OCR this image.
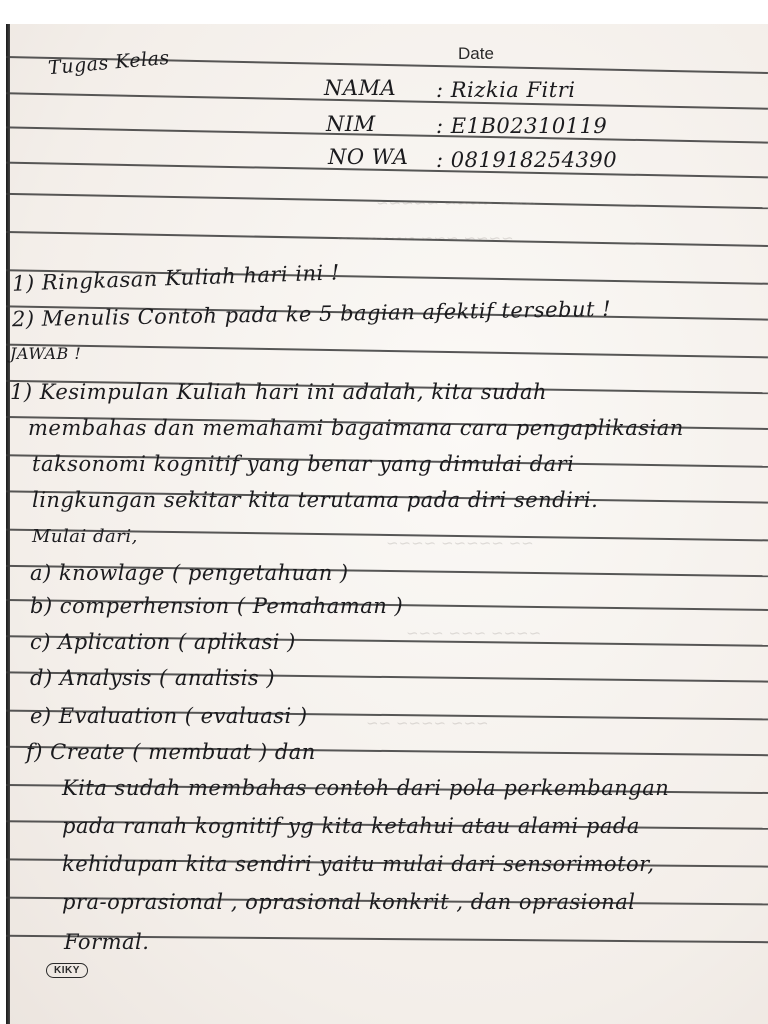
~~~ ~~~~ ~~~~~
~~~~ ~~~ ~~~~ ~~
~~ ~~~~~ ~~~~
~~~~ ~~~ ~~~
~~~ ~~~~ ~~
Date
Tugas Kelas
NAMA : Rizkia Fitri
NIM	: E1B02310119
NO WA : 081918254390
1) Ringkasan Kuliah hari ini !
2) Menulis Contoh pada ke 5 bagian afektif tersebut !
JAWAB !
1) Kesimpulan Kuliah hari ini adalah, kita sudah
membahas dan memahami bagaimana cara pengaplikasian
taksonomi kognitif yang benar yang dimulai dari
lingkungan sekitar kita terutama pada diri sendiri.
Mulai dari,
a) knowlage ( pengetahuan )
b) comperhension ( Pemahaman )
c) Aplication ( aplikasi )
d) Analysis ( analisis )
e) Evaluation ( evaluasi )
f) Create ( membuat ) dan
Kita sudah membahas contoh dari pola perkembangan
pada ranah kognitif yg kita ketahui atau alami pada
kehidupan kita sendiri yaitu mulai dari sensorimotor,
pra-oprasional , oprasional konkrit , dan oprasional
Formal.
KIKY
